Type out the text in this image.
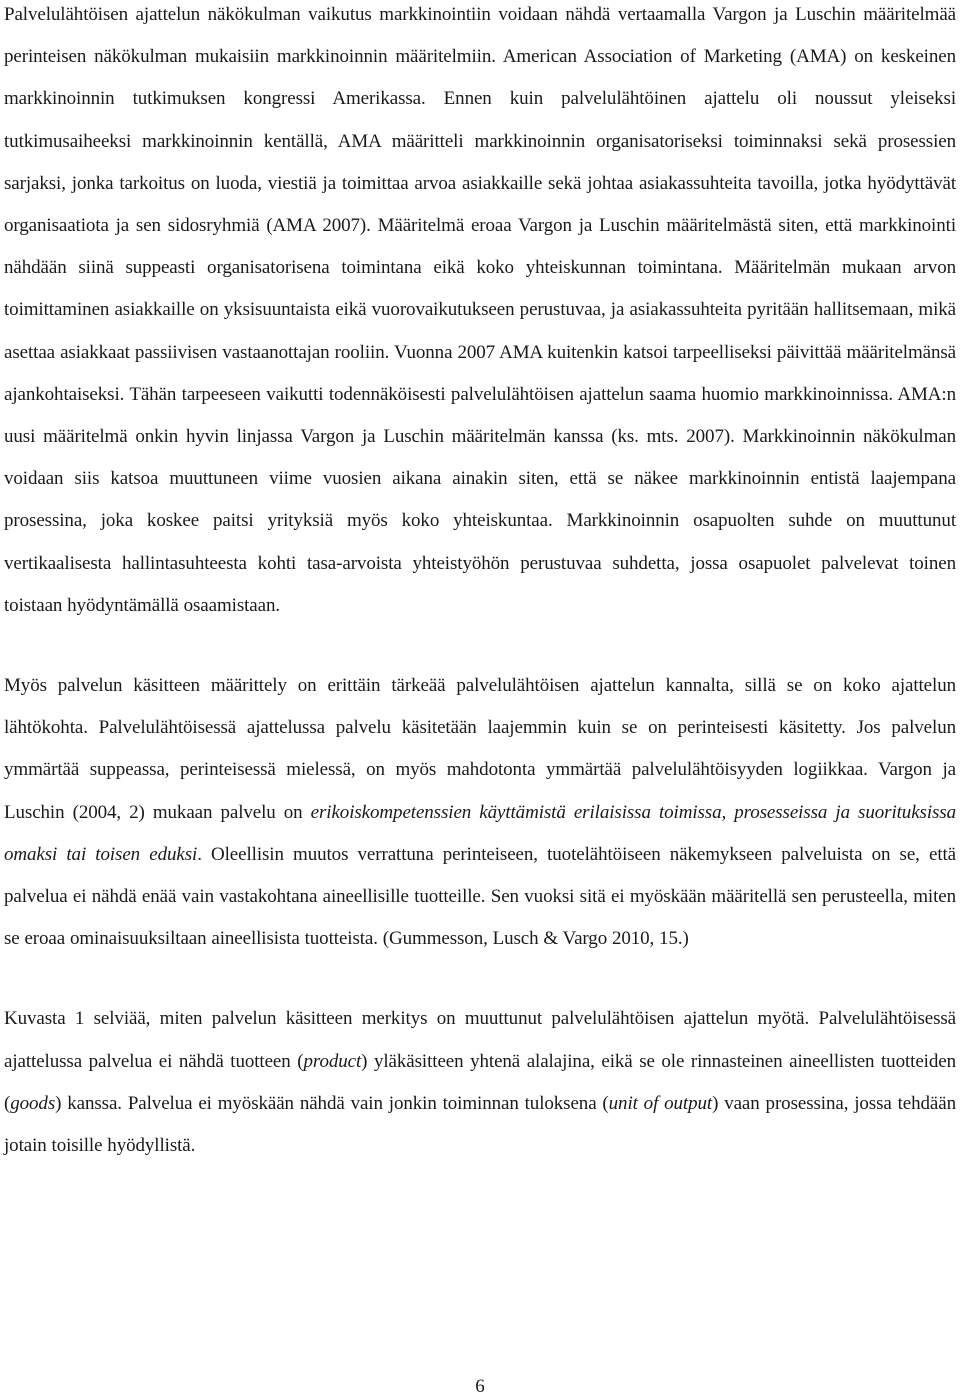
Palvelulähtöisen ajattelun näkökulman vaikutus markkinointiin voidaan nähdä vertaamalla Vargon ja Luschin määritelmää perinteisen näkökulman mukaisiin markkinoinnin määritelmiin. American Association of Marketing (AMA) on keskeinen markkinoinnin tutkimuksen kongressi Amerikassa. Ennen kuin palvelulähtöinen ajattelu oli noussut yleiseksi tutkimusaiheeksi markkinoinnin kentällä, AMA määritteli markkinoinnin organisatoriseksi toiminnaksi sekä prosessien sarjaksi, jonka tarkoitus on luoda, viestiä ja toimittaa arvoa asiakkaille sekä johtaa asiakassuhteita tavoilla, jotka hyödyttävät organisaatiota ja sen sidosryhmiä (AMA 2007). Määritelmä eroaa Vargon ja Luschin määritelmästä siten, että markkinointi nähdään siinä suppeasti organisatorisena toimintana eikä koko yhteiskunnan toimintana. Määritelmän mukaan arvon toimittaminen asiakkaille on yksisuuntaista eikä vuorovaikutukseen perustuvaa, ja asiakassuhteita pyritään hallitsemaan, mikä asettaa asiakkaat passiivisen vastaanottajan rooliin. Vuonna 2007 AMA kuitenkin katsoi tarpeelliseksi päivittää määritelmänsä ajankohtaiseksi. Tähän tarpeeseen vaikutti todennäköisesti palvelulähtöisen ajattelun saama huomio markkinoinnissa. AMA:n uusi määritelmä onkin hyvin linjassa Vargon ja Luschin määritelmän kanssa (ks. mts. 2007). Markkinoinnin näkökulman voidaan siis katsoa muuttuneen viime vuosien aikana ainakin siten, että se näkee markkinoinnin entistä laajempana prosessina, joka koskee paitsi yrityksiä myös koko yhteiskuntaa. Markkinoinnin osapuolten suhde on muuttunut vertikaalisesta hallintasuhteesta kohti tasa-arvoista yhteistyöhön perustuvaa suhdetta, jossa osapuolet palvelevat toinen toistaan hyödyntämällä osaamistaan.

Myös palvelun käsitteen määrittely on erittäin tärkeää palvelulähtöisen ajattelun kannalta, sillä se on koko ajattelun lähtökohta. Palvelulähtöisessä ajattelussa palvelu käsitetään laajemmin kuin se on perinteisesti käsitetty. Jos palvelun ymmärtää suppeassa, perinteisessä mielessä, on myös mahdotonta ymmärtää palvelulähtöisyyden logiikkaa. Vargon ja Luschin (2004, 2) mukaan palvelu on erikoiskompetenssien käyttämistä erilaisissa toimissa, prosesseissa ja suorituksissa omaksi tai toisen eduksi. Oleellisin muutos verrattuna perinteiseen, tuotelähtöiseen näkemykseen palveluista on se, että palvelua ei nähdä enää vain vastakohtana aineellisille tuotteille. Sen vuoksi sitä ei myöskään määritellä sen perusteella, miten se eroaa ominaisuuksiltaan aineellisista tuotteista. (Gummesson, Lusch & Vargo 2010, 15.)

Kuvasta 1 selviää, miten palvelun käsitteen merkitys on muuttunut palvelulähtöisen ajattelun myötä. Palvelulähtöisessä ajattelussa palvelua ei nähdä tuotteen (product) yläkäsitteen yhtenä alalajina, eikä se ole rinnasteinen aineellisten tuotteiden (goods) kanssa. Palvelua ei myöskään nähdä vain jonkin toiminnan tuloksena (unit of output) vaan prosessina, jossa tehdään jotain toisille hyödyllistä.

6
